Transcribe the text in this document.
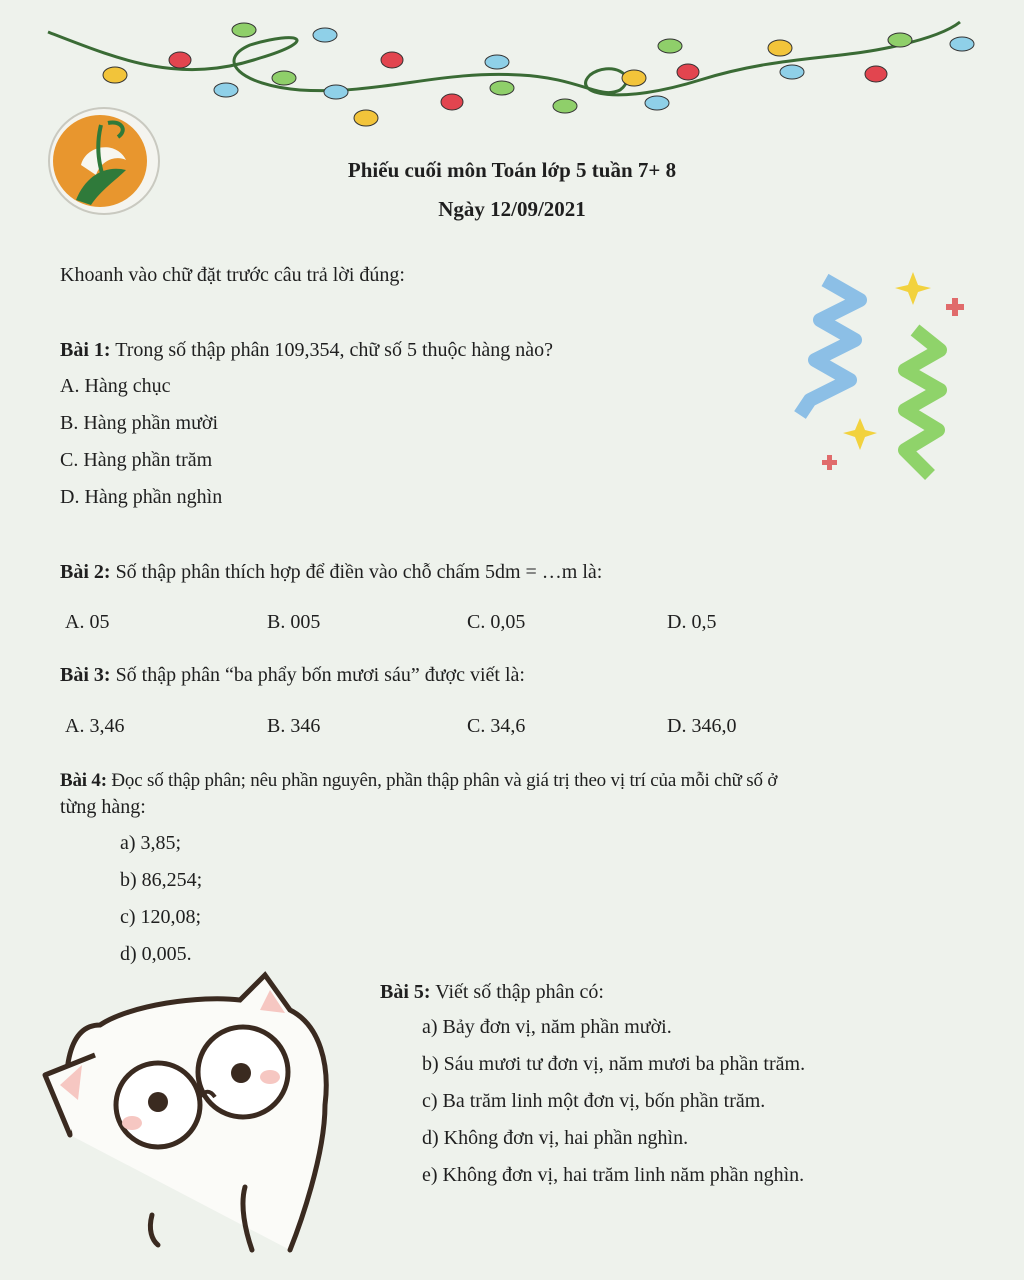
Phiếu cuối môn Toán lớp 5 tuần 7+ 8
Ngày 12/09/2021
Khoanh vào chữ đặt trước câu trả lời đúng:
Bài 1: Trong số thập phân 109,354, chữ số 5 thuộc hàng nào?
A. Hàng chục
B. Hàng phần mười
C. Hàng phần trăm
D. Hàng phần nghìn
Bài 2: Số thập phân thích hợp để điền vào chỗ chấm 5dm = …m là:
A. 05	B. 005	C. 0,05	D. 0,5
Bài 3: Số thập phân “ba phẩy bốn mươi sáu” được viết là:
A. 3,46	B. 346	C. 34,6	D. 346,0
Bài 4: Đọc số thập phân; nêu phần nguyên, phần thập phân và giá trị theo vị trí của mỗi chữ số ở
từng hàng:
a) 3,85;
b) 86,254;
c) 120,08;
d) 0,005.
Bài 5: Viết số thập phân có:
a) Bảy đơn vị, năm phần mười.
b) Sáu mươi tư đơn vị, năm mươi ba phần trăm.
c) Ba trăm linh một đơn vị, bốn phần trăm.
d) Không đơn vị, hai phần nghìn.
e) Không đơn vị, hai trăm linh năm phần nghìn.
